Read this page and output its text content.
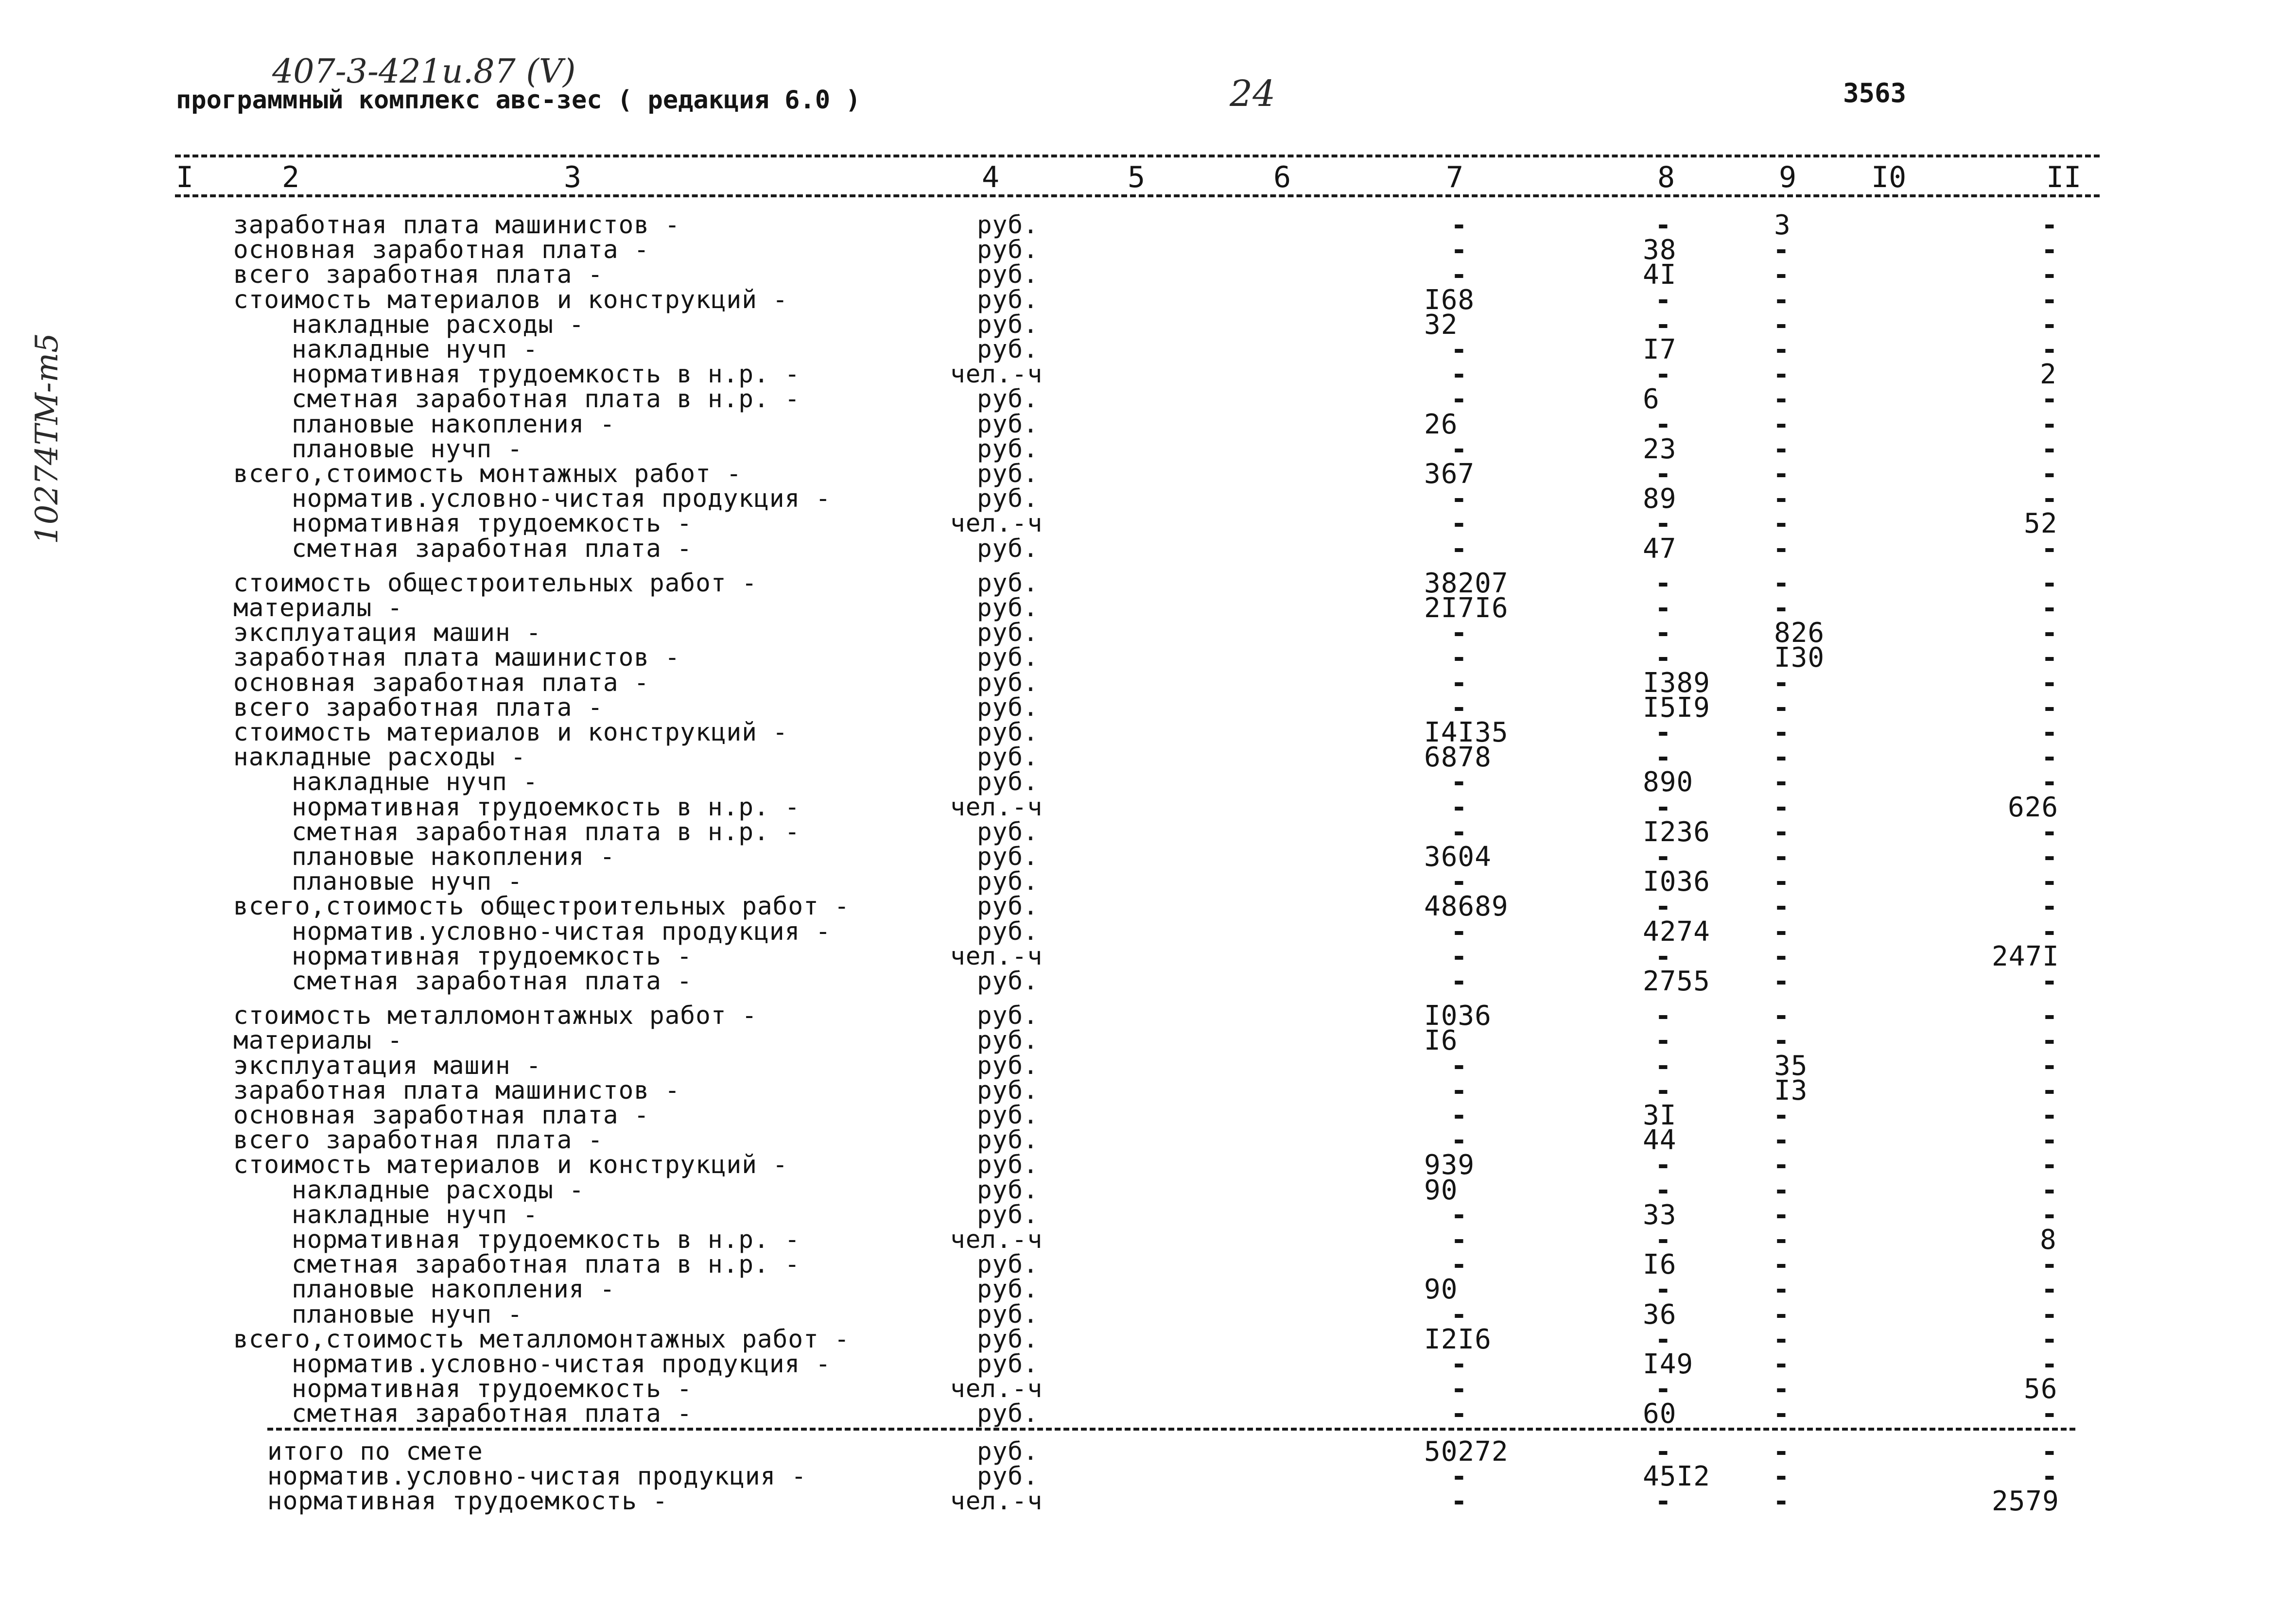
407-3-421и.87 (V)
программный комплекс авс-зес ( редакция 6.0 )	24	3563
10274ТМ-т5
I	2	3	4	5	6	7	8	9	I0	II
заработная плата машинистов -	руб.	-	-	3	-
основная заработная плата -	руб.	-	38	-	-
всего заработная плата -	руб.	-	4I	-	-
стоимость материалов и конструкций -	руб.	I68	-	-	-
накладные расходы -	руб.	32	-	-	-
накладные нучп -	руб.	-	I7	-	-
нормативная трудоемкость в н.р. -	чел.-ч	-	-	-	2
сметная заработная плата в н.р. -	руб.	-	6	-	-
плановые накопления -	руб.	26	-	-	-
плановые нучп -	руб.	-	23	-	-
всего,стоимость монтажных работ -	руб.	367	-	-	-
норматив.условно-чистая продукция -	руб.	-	89	-	-
нормативная трудоемкость -	чел.-ч	-	-	-	52
сметная заработная плата -	руб.	-	47	-	-
стоимость общестроительных работ -	руб.	38207	-	-	-
материалы -	руб.	2I7I6	-	-	-
эксплуатация машин -	руб.	-	-	826	-
заработная плата машинистов -	руб.	-	-	I30	-
основная заработная плата -	руб.	-	I389 -	-
всего заработная плата -	руб.	-	I5I9 -	-
стоимость материалов и конструкций -	руб.	I4I35	-	-	-
накладные расходы -	руб.	6878	-	-	-
накладные нучп -	руб.	-	890	-	-
нормативная трудоемкость в н.р. -	чел.-ч	-	-	-	626
сметная заработная плата в н.р. -	руб.	-	I236 -	-
плановые накопления -	руб.	3604	-	-	-
плановые нучп -	руб.	-	I036 -	-
всего,стоимость общестроительных работ -	руб.	48689	-	-	-
норматив.условно-чистая продукция -	руб.	-	4274 -	-
нормативная трудоемкость -	чел.-ч	-	-	-	247I
сметная заработная плата -	руб.	-	2755 -	-
стоимость металломонтажных работ -	руб.	I036	-	-	-
материалы -	руб.	I6	-	-	-
эксплуатация машин -	руб.	-	-	35	-
заработная плата машинистов -	руб.	-	-	I3	-
основная заработная плата -	руб.	-	3I	-	-
всего заработная плата -	руб.	-	44	-	-
стоимость материалов и конструкций -	руб.	939	-	-	-
накладные расходы -	руб.	90	-	-	-
накладные нучп -	руб.	-	33	-	-
нормативная трудоемкость в н.р. -	чел.-ч	-	-	-	8
сметная заработная плата в н.р. -	руб.	-	I6	-	-
плановые накопления -	руб.	90	-	-	-
плановые нучп -	руб.	-	36	-	-
всего,стоимость металломонтажных работ -	руб.	I2I6	-	-	-
норматив.условно-чистая продукция -	руб.	-	I49	-	-
нормативная трудоемкость -	чел.-ч	-	-	-	56
сметная заработная плата -	руб.	-	60	-	-
итого по смете	руб.	50272	-	-	-
норматив.условно-чистая продукция -	руб.	-	45I2 -	-
нормативная трудоемкость -	чел.-ч	-	-	-	2579
